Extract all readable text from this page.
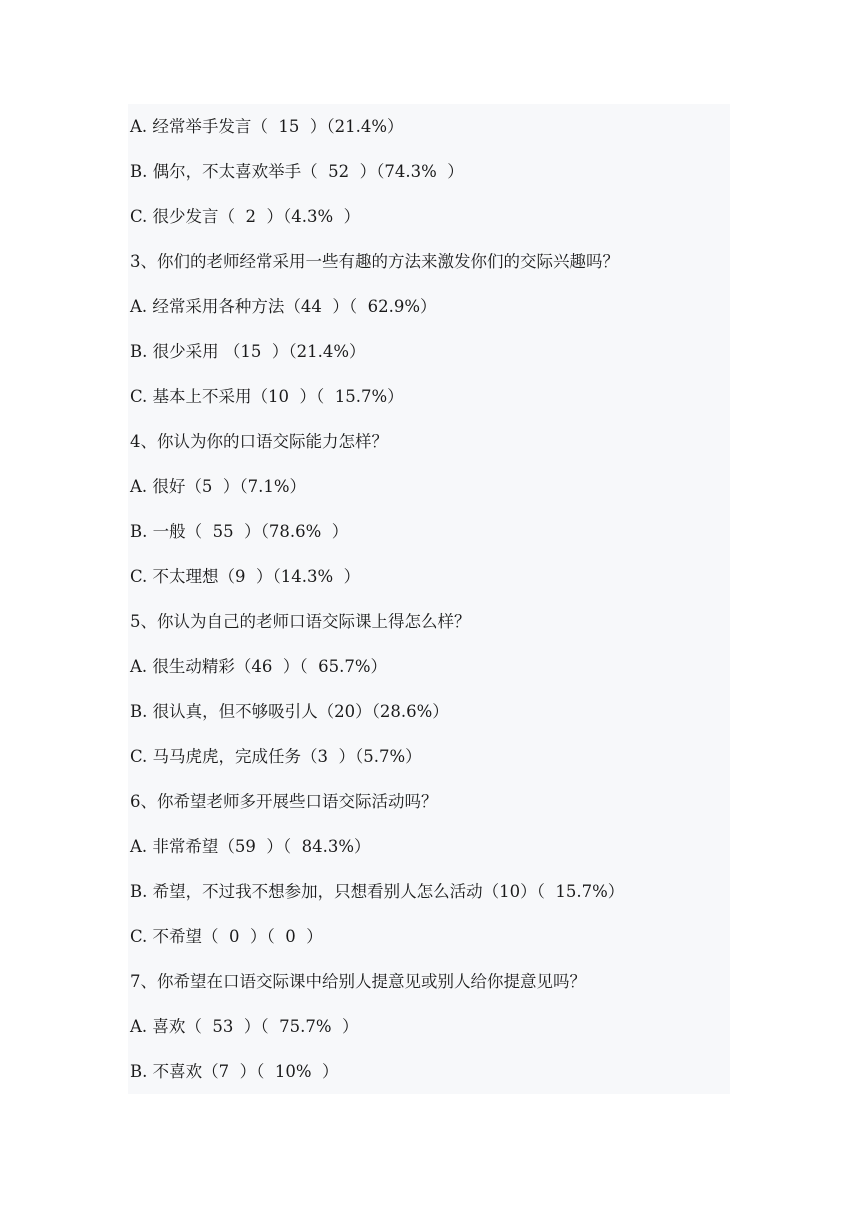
A. 经常举手发言（  15  ）（21.4%）
B. 偶尔，不太喜欢举手（  52  ）（74.3%  ）
C. 很少发言（  2  ）（4.3%  ）
3、你们的老师经常采用一些有趣的方法来激发你们的交际兴趣吗？
A. 经常采用各种方法（44  ）（  62.9%）
B. 很少采用 （15  ）（21.4%）
C. 基本上不采用（10  ）（  15.7%）
4、你认为你的口语交际能力怎样？
A. 很好（5  ）（7.1%）
B. 一般（  55  ）（78.6%  ）
C. 不太理想（9  ）（14.3%  ）
5、你认为自己的老师口语交际课上得怎么样？
A. 很生动精彩（46  ）（  65.7%）
B. 很认真，但不够吸引人（20）（28.6%）
C. 马马虎虎，完成任务（3  ）（5.7%）
6、你希望老师多开展些口语交际活动吗？
A. 非常希望（59  ）（  84.3%）
B. 希望，不过我不想参加，只想看别人怎么活动（10）（  15.7%）
C. 不希望（  0  ）（  0  ）
7、你希望在口语交际课中给别人提意见或别人给你提意见吗？
A. 喜欢（  53  ）（  75.7%  ）
B. 不喜欢（7  ）（  10%  ）
